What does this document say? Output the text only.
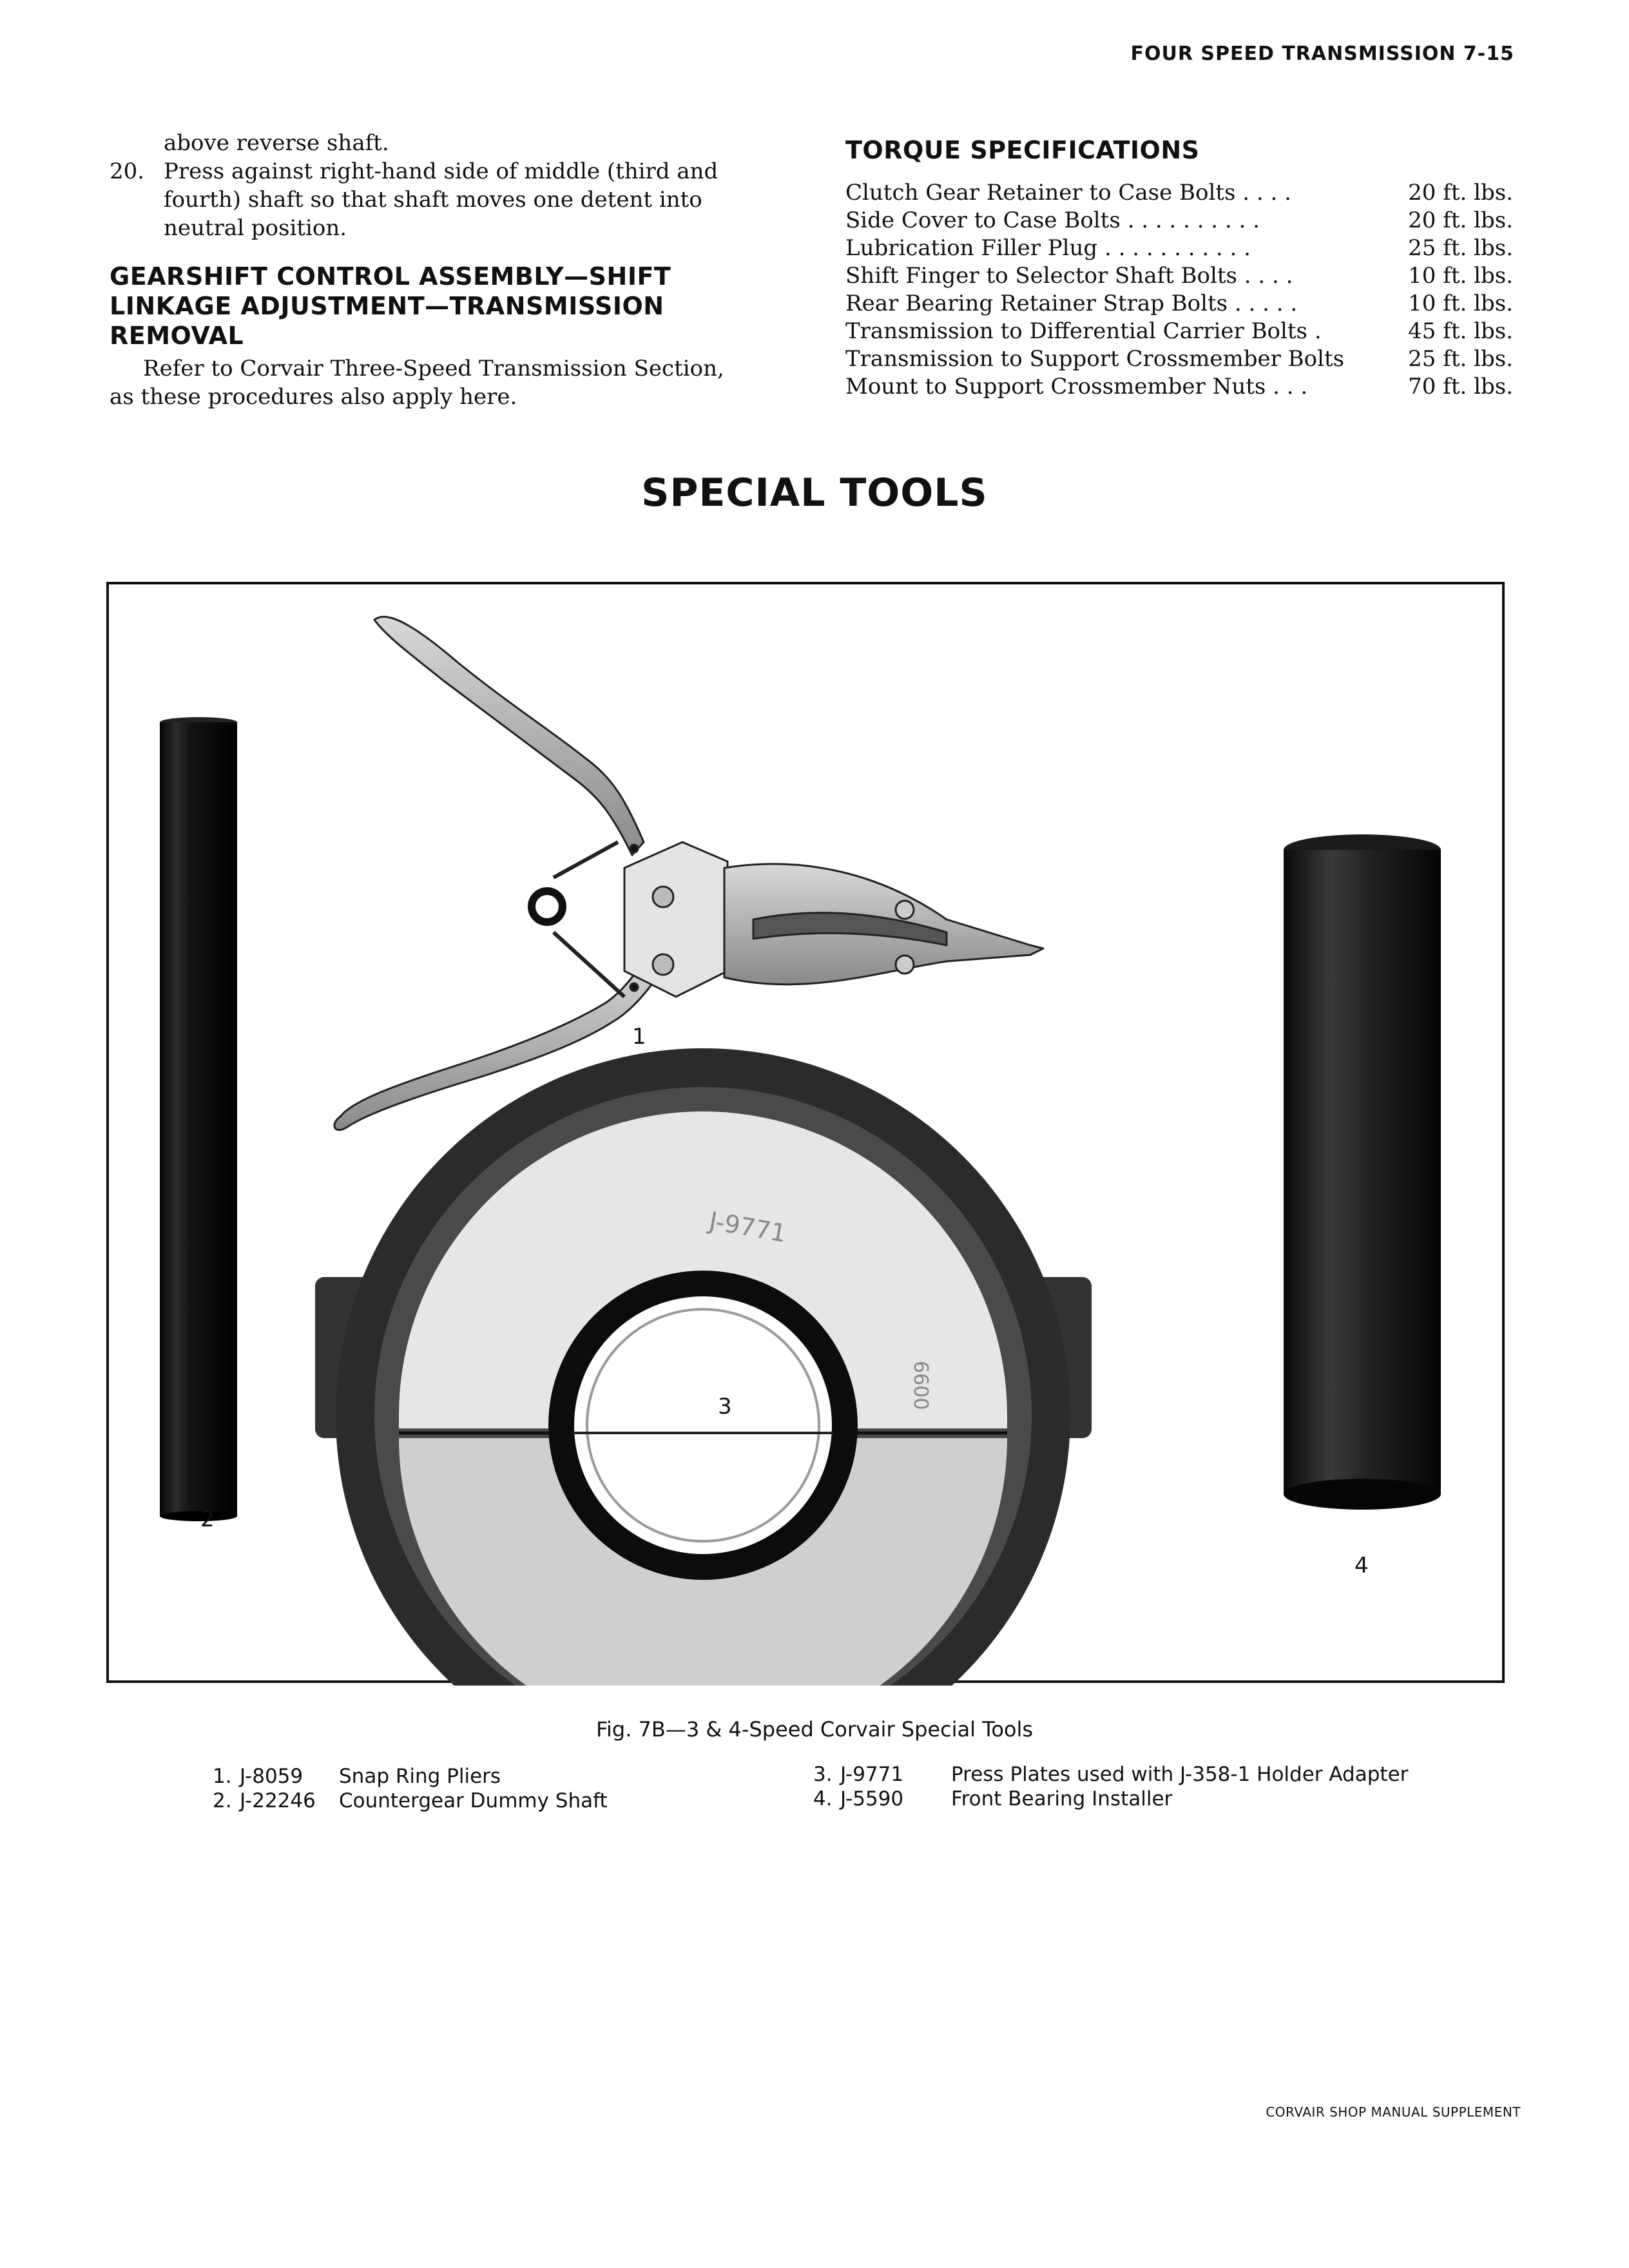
FOUR SPEED TRANSMISSION 7-15
above reverse shaft.
20. Press against right-hand side of middle (third and
fourth) shaft so that shaft moves one detent into
neutral position.
GEARSHIFT CONTROL ASSEMBLY—SHIFT
LINKAGE ADJUSTMENT—TRANSMISSION
REMOVAL
Refer to Corvair Three-Speed Transmission Section,
as these procedures also apply here.
TORQUE SPECIFICATIONS
Clutch Gear Retainer to Case Bolts . . . .	20 ft. lbs.
Side Cover to Case Bolts . . . . . . . . . .	20 ft. lbs.
Lubrication Filler Plug . . . . . . . . . . .	25 ft. lbs.
Shift Finger to Selector Shaft Bolts . . . .	10 ft. lbs.
Rear Bearing Retainer Strap Bolts . . . . .	10 ft. lbs.
Transmission to Differential Carrier Bolts .	45 ft. lbs.
Transmission to Support Crossmember Bolts	25 ft. lbs.
Mount to Support Crossmember Nuts . . .	70 ft. lbs.
SPECIAL TOOLS
J-9771
6600
1
2
3
4
Fig. 7B—3 & 4-Speed Corvair Special Tools
1. J-8059 Snap Ring Pliers
2. J-22246 Countergear Dummy Shaft
3. J-9771 Press Plates used with J-358-1 Holder Adapter
4. J-5590 Front Bearing Installer
CORVAIR SHOP MANUAL SUPPLEMENT
